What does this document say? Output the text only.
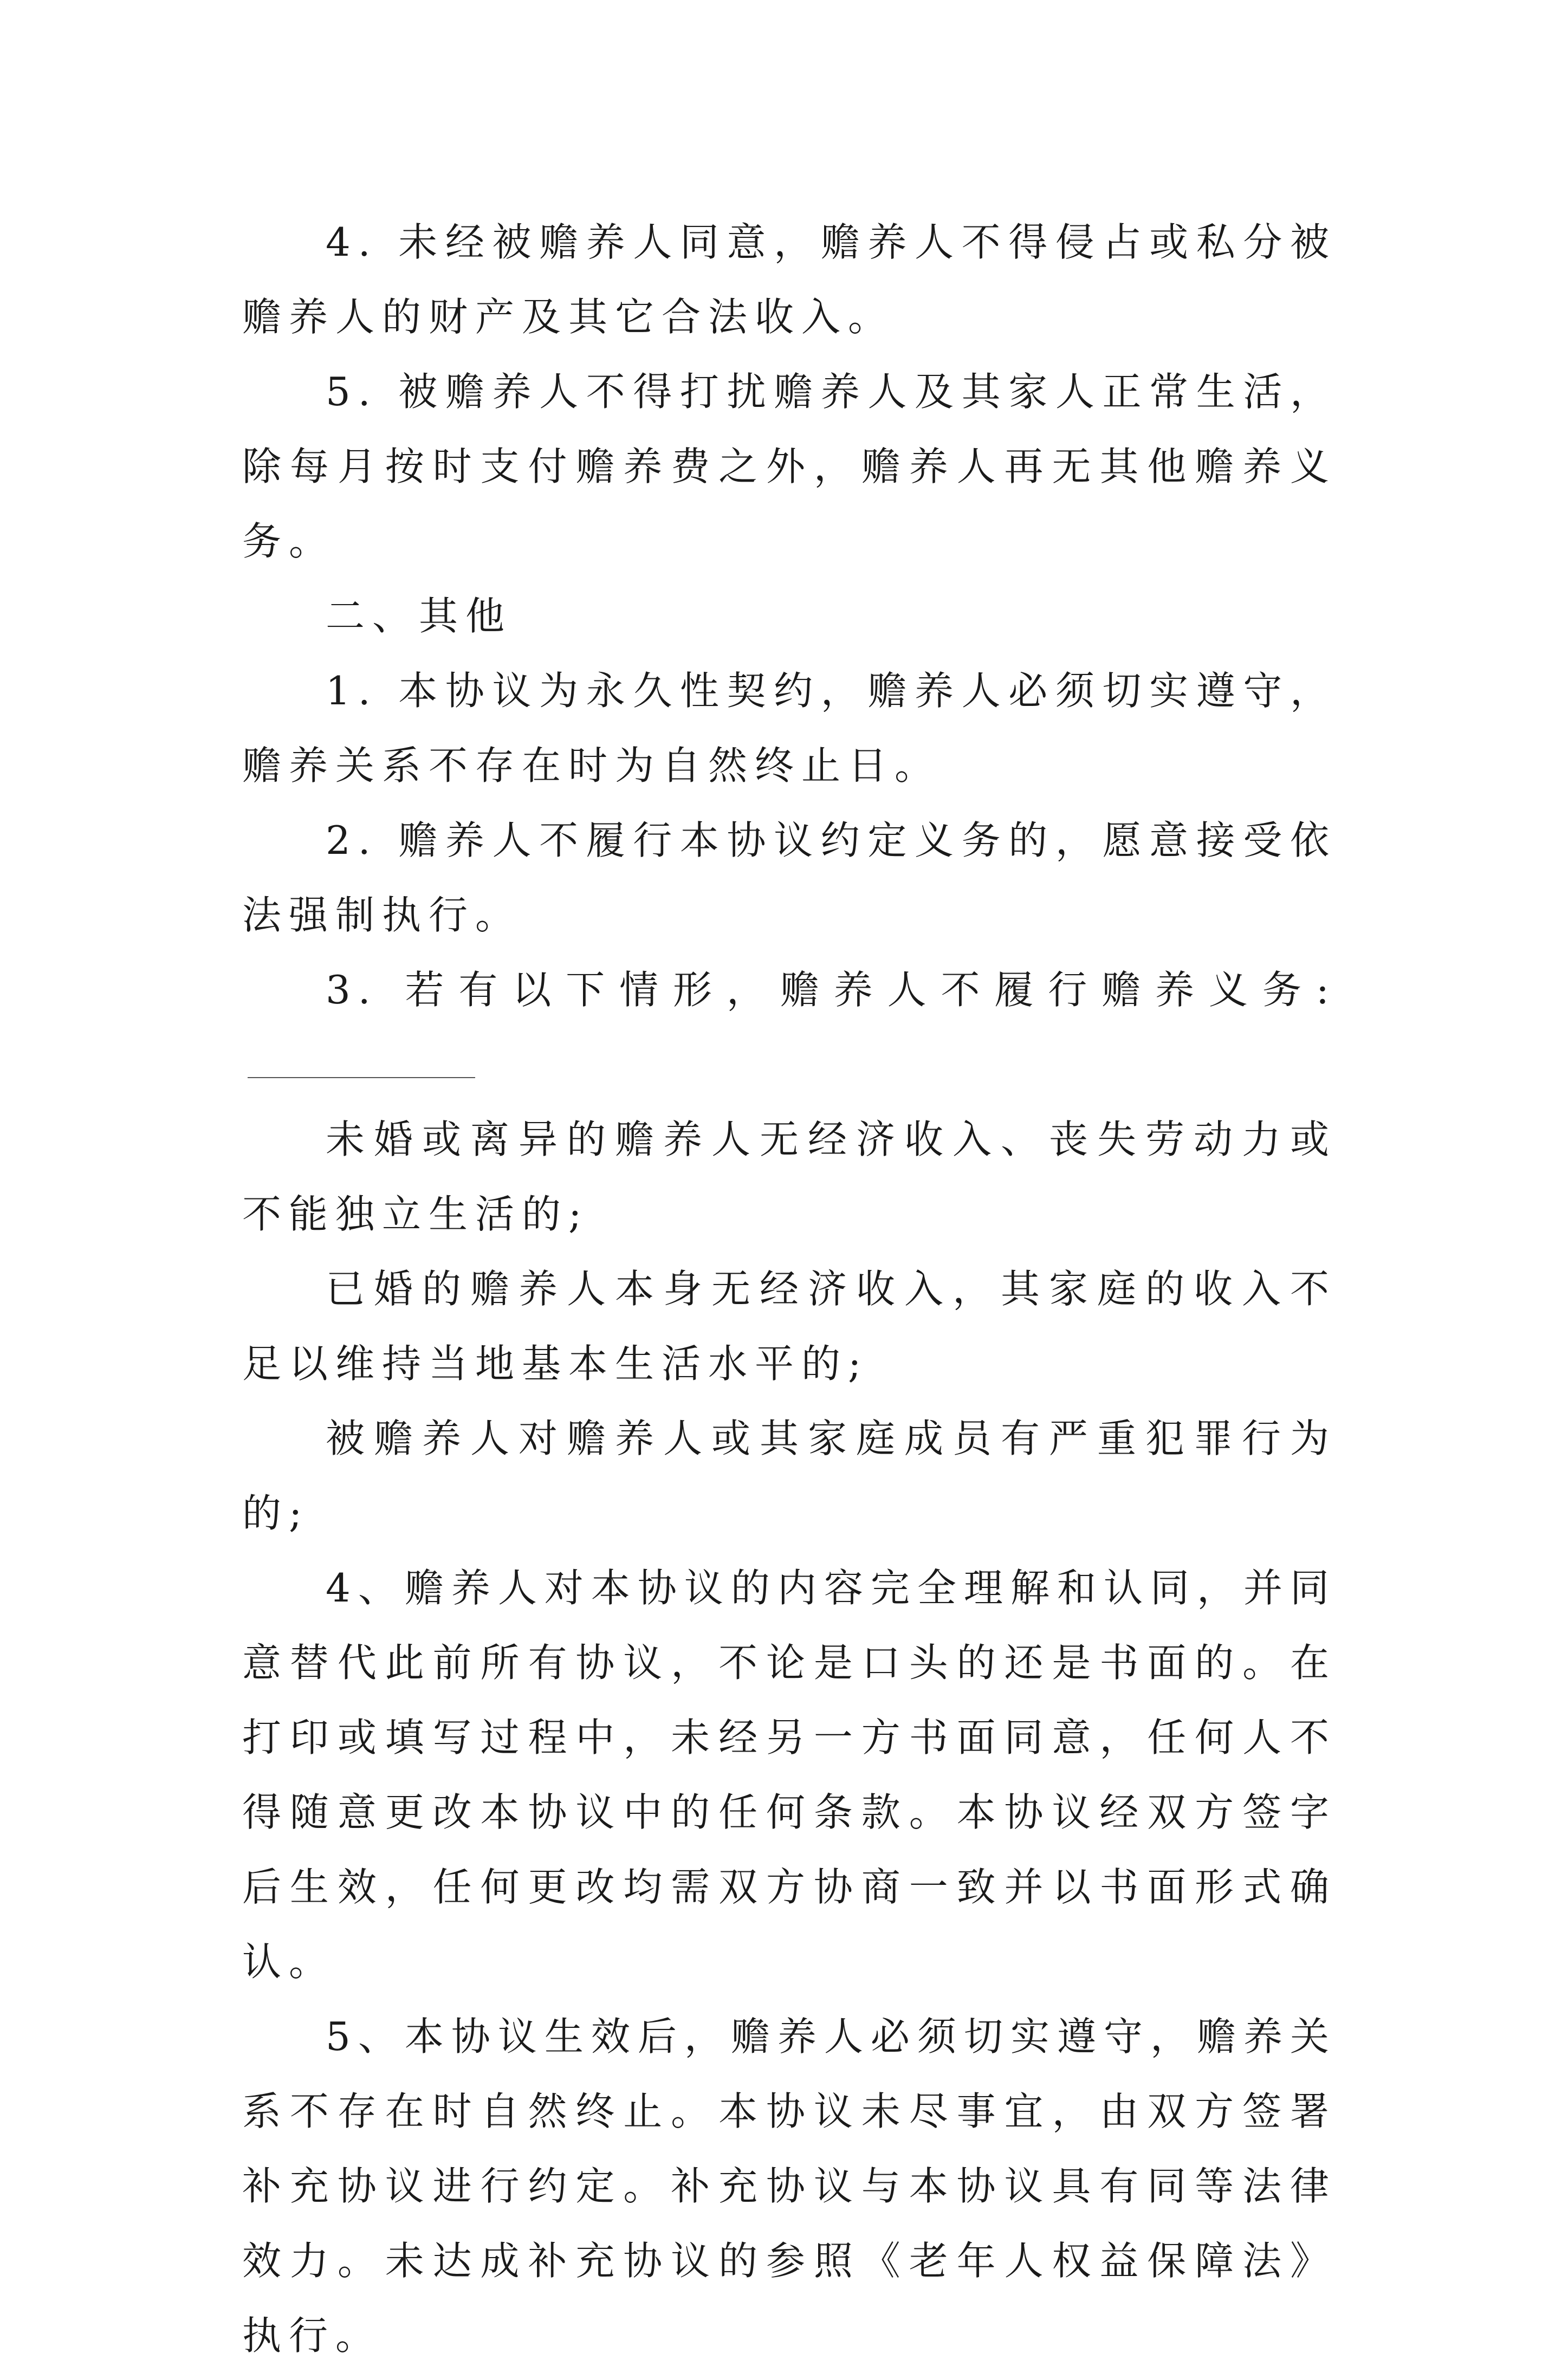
4. 未经被赡养人同意，赡养人不得侵占或私分被赡养人的财产及其它合法收入。

5. 被赡养人不得打扰赡养人及其家人正常生活，除每月按时支付赡养费之外，赡养人再无其他赡养义务。

二、其他

1. 本协议为永久性契约，赡养人必须切实遵守，赡养关系不存在时为自然终止日。

2. 赡养人不履行本协议约定义务的，愿意接受依法强制执行。

3. 若有以下情形，赡养人不履行赡养义务:

未婚或离异的赡养人无经济收入、丧失劳动力或不能独立生活的;

已婚的赡养人本身无经济收入，其家庭的收入不足以维持当地基本生活水平的;

被赡养人对赡养人或其家庭成员有严重犯罪行为的;

4、赡养人对本协议的内容完全理解和认同，并同意替代此前所有协议，不论是口头的还是书面的。在打印或填写过程中，未经另一方书面同意，任何人不得随意更改本协议中的任何条款。本协议经双方签字后生效，任何更改均需双方协商一致并以书面形式确认。

5、本协议生效后，赡养人必须切实遵守，赡养关系不存在时自然终止。本协议未尽事宜，由双方签署补充协议进行约定。补充协议与本协议具有同等法律效力。未达成补充协议的参照《老年人权益保障法》执行。
